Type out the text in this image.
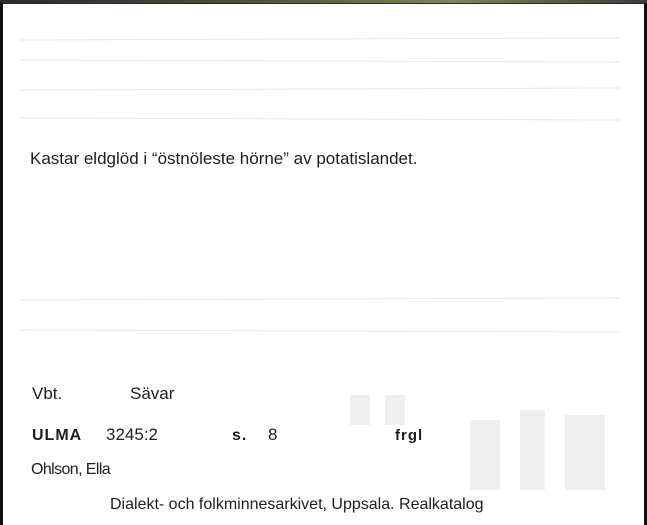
Kastar eldglöd i “östnöleste hörne” av potatislandet.
Vbt.	Sävar
ULMA 3245:2	s. 8	frgl
Ohlson, Ella
Dialekt- och folkminnesarkivet, Uppsala. Realkatalog
